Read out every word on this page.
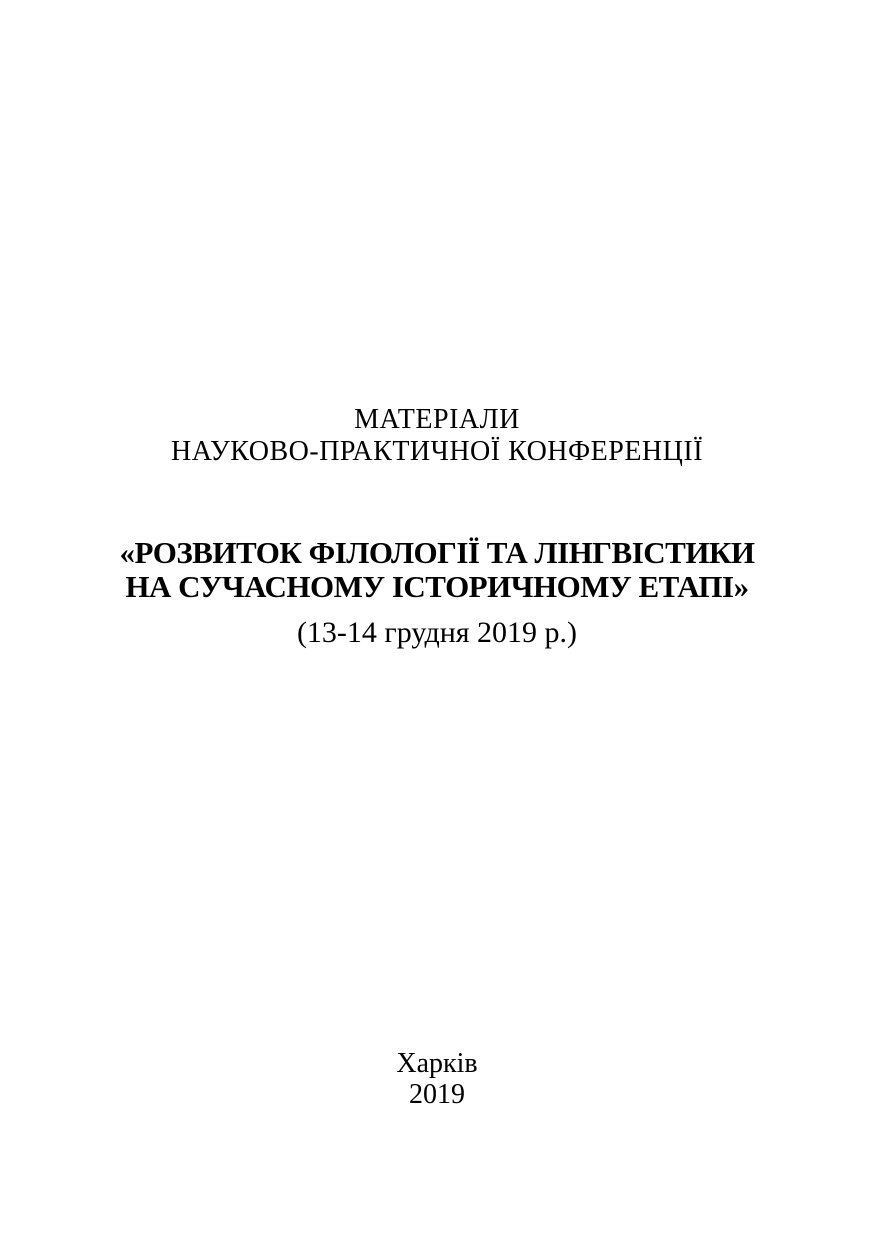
МАТЕРІАЛИ
НАУКОВО-ПРАКТИЧНОЇ КОНФЕРЕНЦІЇ
«РОЗВИТОК ФІЛОЛОГІЇ ТА ЛІНГВІСТИКИ
НА СУЧАСНОМУ ІСТОРИЧНОМУ ЕТАПІ»
(13-14 грудня 2019 р.)
Харків
2019
